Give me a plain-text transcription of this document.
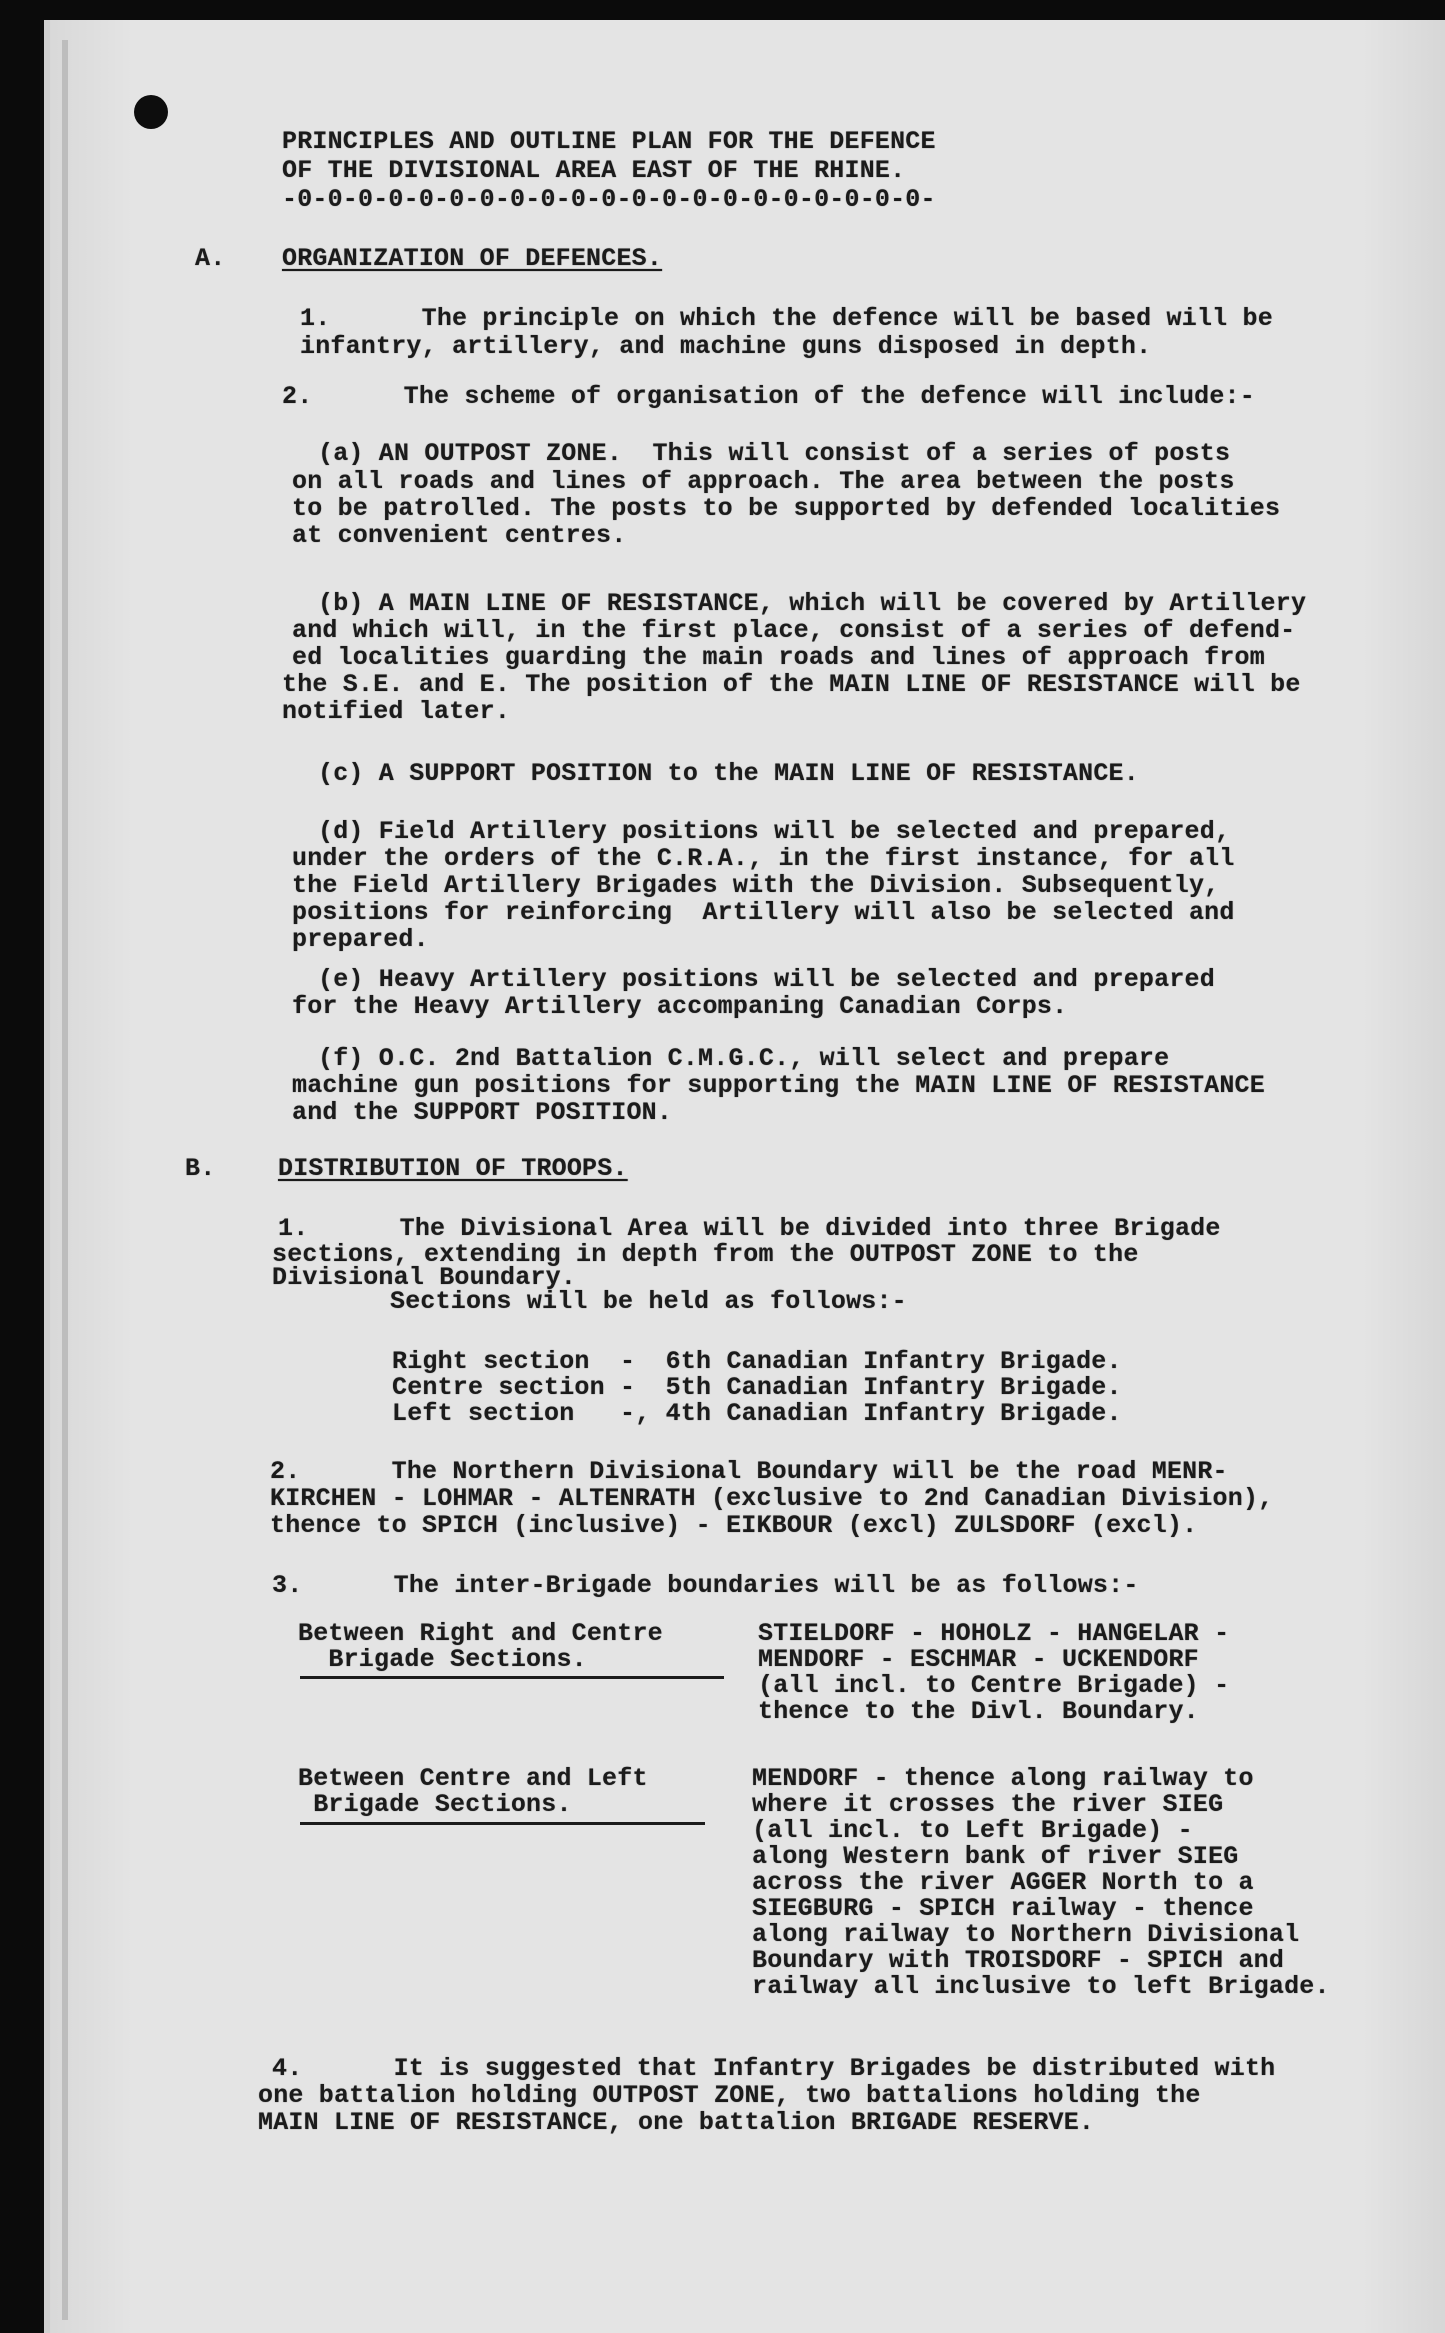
PRINCIPLES AND OUTLINE PLAN FOR THE DEFENCE
OF THE DIVISIONAL AREA EAST OF THE RHINE.
-0-0-0-0-0-0-0-0-0-0-0-0-0-0-0-0-0-0-0-0-0-
A. ORGANIZATION OF DEFENCES.
1.      The principle on which the defence will be based will be
infantry, artillery, and machine guns disposed in depth.
2.      The scheme of organisation of the defence will include:-
(a) AN OUTPOST ZONE.  This will consist of a series of posts
on all roads and lines of approach. The area between the posts
to be patrolled. The posts to be supported by defended localities
at convenient centres.
(b) A MAIN LINE OF RESISTANCE, which will be covered by Artillery
and which will, in the first place, consist of a series of defend-
ed localities guarding the main roads and lines of approach from
the S.E. and E. The position of the MAIN LINE OF RESISTANCE will be
notified later.
(c) A SUPPORT POSITION to the MAIN LINE OF RESISTANCE.
(d) Field Artillery positions will be selected and prepared,
under the orders of the C.R.A., in the first instance, for all
the Field Artillery Brigades with the Division. Subsequently,
positions for reinforcing  Artillery will also be selected and
prepared.
(e) Heavy Artillery positions will be selected and prepared
for the Heavy Artillery accompaning Canadian Corps.
(f) O.C. 2nd Battalion C.M.G.C., will select and prepare
machine gun positions for supporting the MAIN LINE OF RESISTANCE
and the SUPPORT POSITION.
B.	DISTRIBUTION OF TROOPS.
1.      The Divisional Area will be divided into three Brigade
sections, extending in depth from the OUTPOST ZONE to the
Divisional Boundary.
Sections will be held as follows:-
Right section  -  6th Canadian Infantry Brigade.
Centre section -  5th Canadian Infantry Brigade.
Left section   -, 4th Canadian Infantry Brigade.
2.      The Northern Divisional Boundary will be the road MENR-
KIRCHEN - LOHMAR - ALTENRATH (exclusive to 2nd Canadian Division),
thence to SPICH (inclusive) - EIKBOUR (excl) ZULSDORF (excl).
3.      The inter-Brigade boundaries will be as follows:-
Between Right and Centre
Brigade Sections.
STIELDORF - HOHOLZ - HANGELAR -
MENDORF - ESCHMAR - UCKENDORF
(all incl. to Centre Brigade) -
thence to the Divl. Boundary.
Between Centre and Left
Brigade Sections.
MENDORF - thence along railway to
where it crosses the river SIEG
(all incl. to Left Brigade) -
along Western bank of river SIEG
across the river AGGER North to a
SIEGBURG - SPICH railway - thence
along railway to Northern Divisional
Boundary with TROISDORF - SPICH and
railway all inclusive to left Brigade.
4.      It is suggested that Infantry Brigades be distributed with
one battalion holding OUTPOST ZONE, two battalions holding the
MAIN LINE OF RESISTANCE, one battalion BRIGADE RESERVE.
